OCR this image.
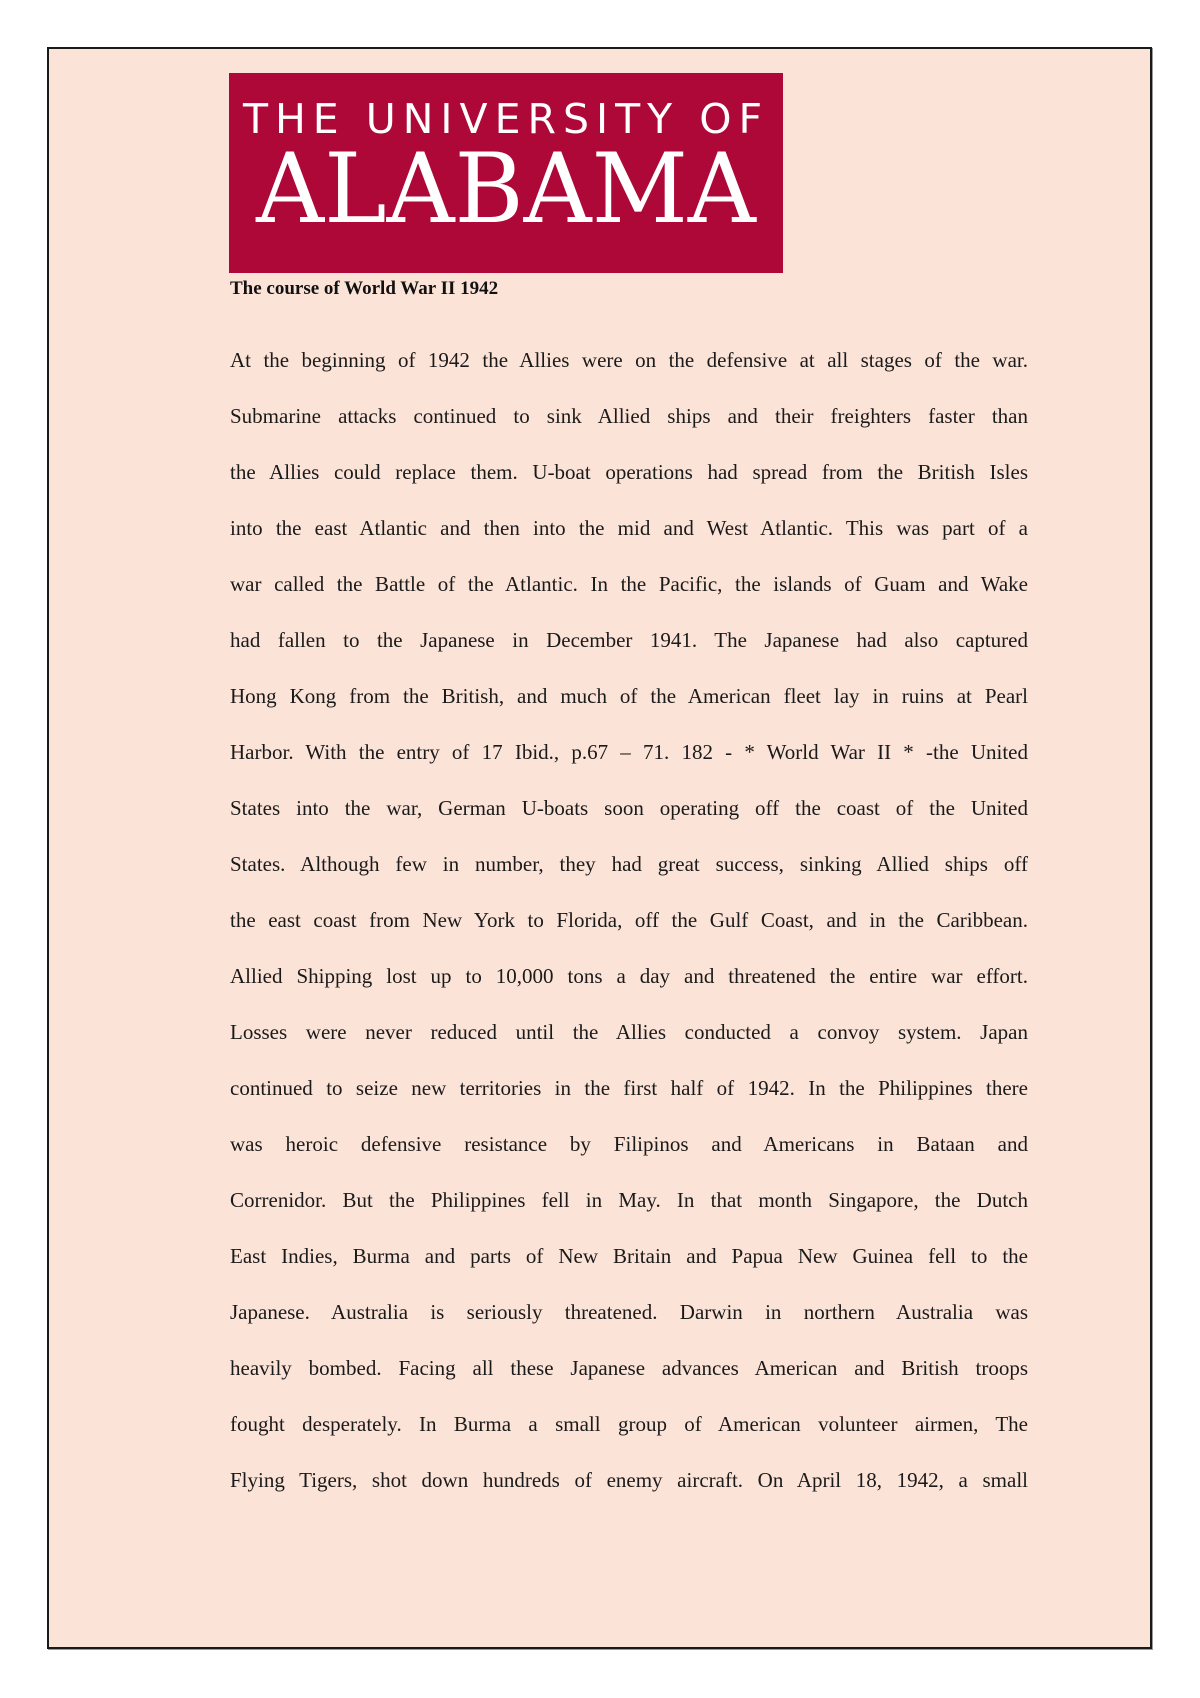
THE UNIVERSITY OF
ALABAMA
The course of World War II 1942
At the beginning of 1942 the Allies were on the defensive at all stages of the war.
Submarine attacks continued to sink Allied ships and their freighters faster than
the Allies could replace them. U-boat operations had spread from the British Isles
into the east Atlantic and then into the mid and West Atlantic. This was part of a
war called the Battle of the Atlantic. In the Pacific, the islands of Guam and Wake
had fallen to the Japanese in December 1941. The Japanese had also captured
Hong Kong from the British, and much of the American fleet lay in ruins at Pearl
Harbor. With the entry of 17 Ibid., p.67 – 71. 182 - * World War II * -the United
States into the war, German U-boats soon operating off the coast of the United
States. Although few in number, they had great success, sinking Allied ships off
the east coast from New York to Florida, off the Gulf Coast, and in the Caribbean.
Allied Shipping lost up to 10,000 tons a day and threatened the entire war effort.
Losses were never reduced until the Allies conducted a convoy system. Japan
continued to seize new territories in the first half of 1942. In the Philippines there
was heroic defensive resistance by Filipinos and Americans in Bataan and
Correnidor. But the Philippines fell in May. In that month Singapore, the Dutch
East Indies, Burma and parts of New Britain and Papua New Guinea fell to the
Japanese. Australia is seriously threatened. Darwin in northern Australia was
heavily bombed. Facing all these Japanese advances American and British troops
fought desperately. In Burma a small group of American volunteer airmen, The
Flying Tigers, shot down hundreds of enemy aircraft. On April 18, 1942, a small
